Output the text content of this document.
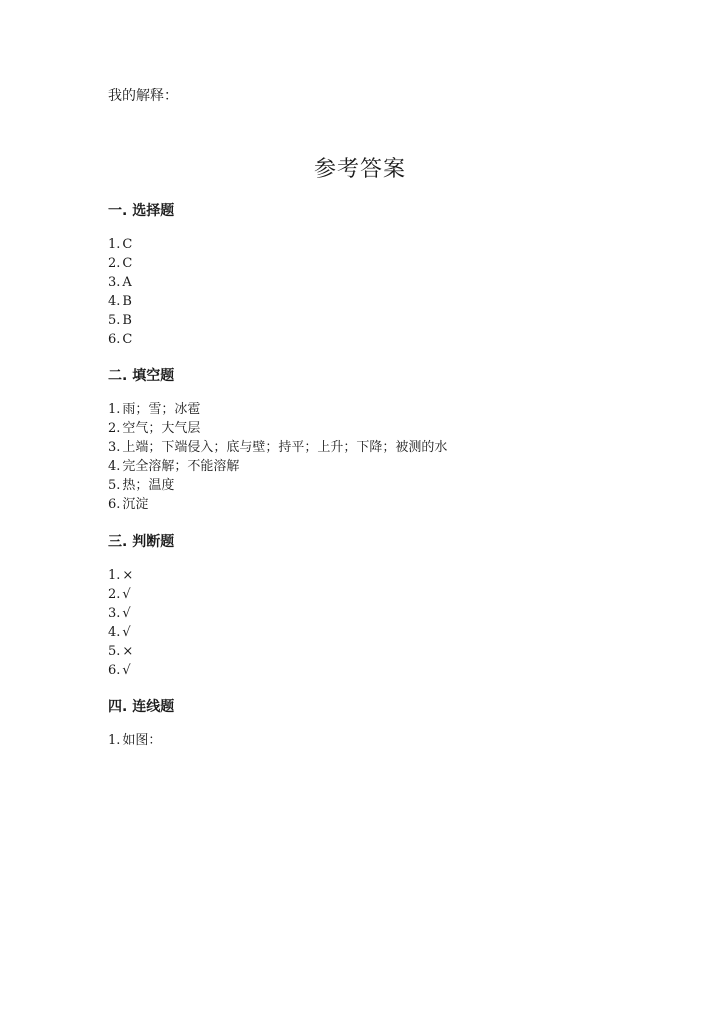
我的解释：
参考答案
一. 选择题
1. C
2. C
3. A
4. B
5. B
6. C
二. 填空题
1. 雨；雪；冰雹
2. 空气；大气层
3. 上端；下端侵入；底与壁；持平；上升；下降；被测的水
4. 完全溶解；不能溶解
5. 热；温度
6. 沉淀
三. 判断题
1. ×
2. √
3. √
4. √
5. ×
6. √
四. 连线题
1. 如图：
